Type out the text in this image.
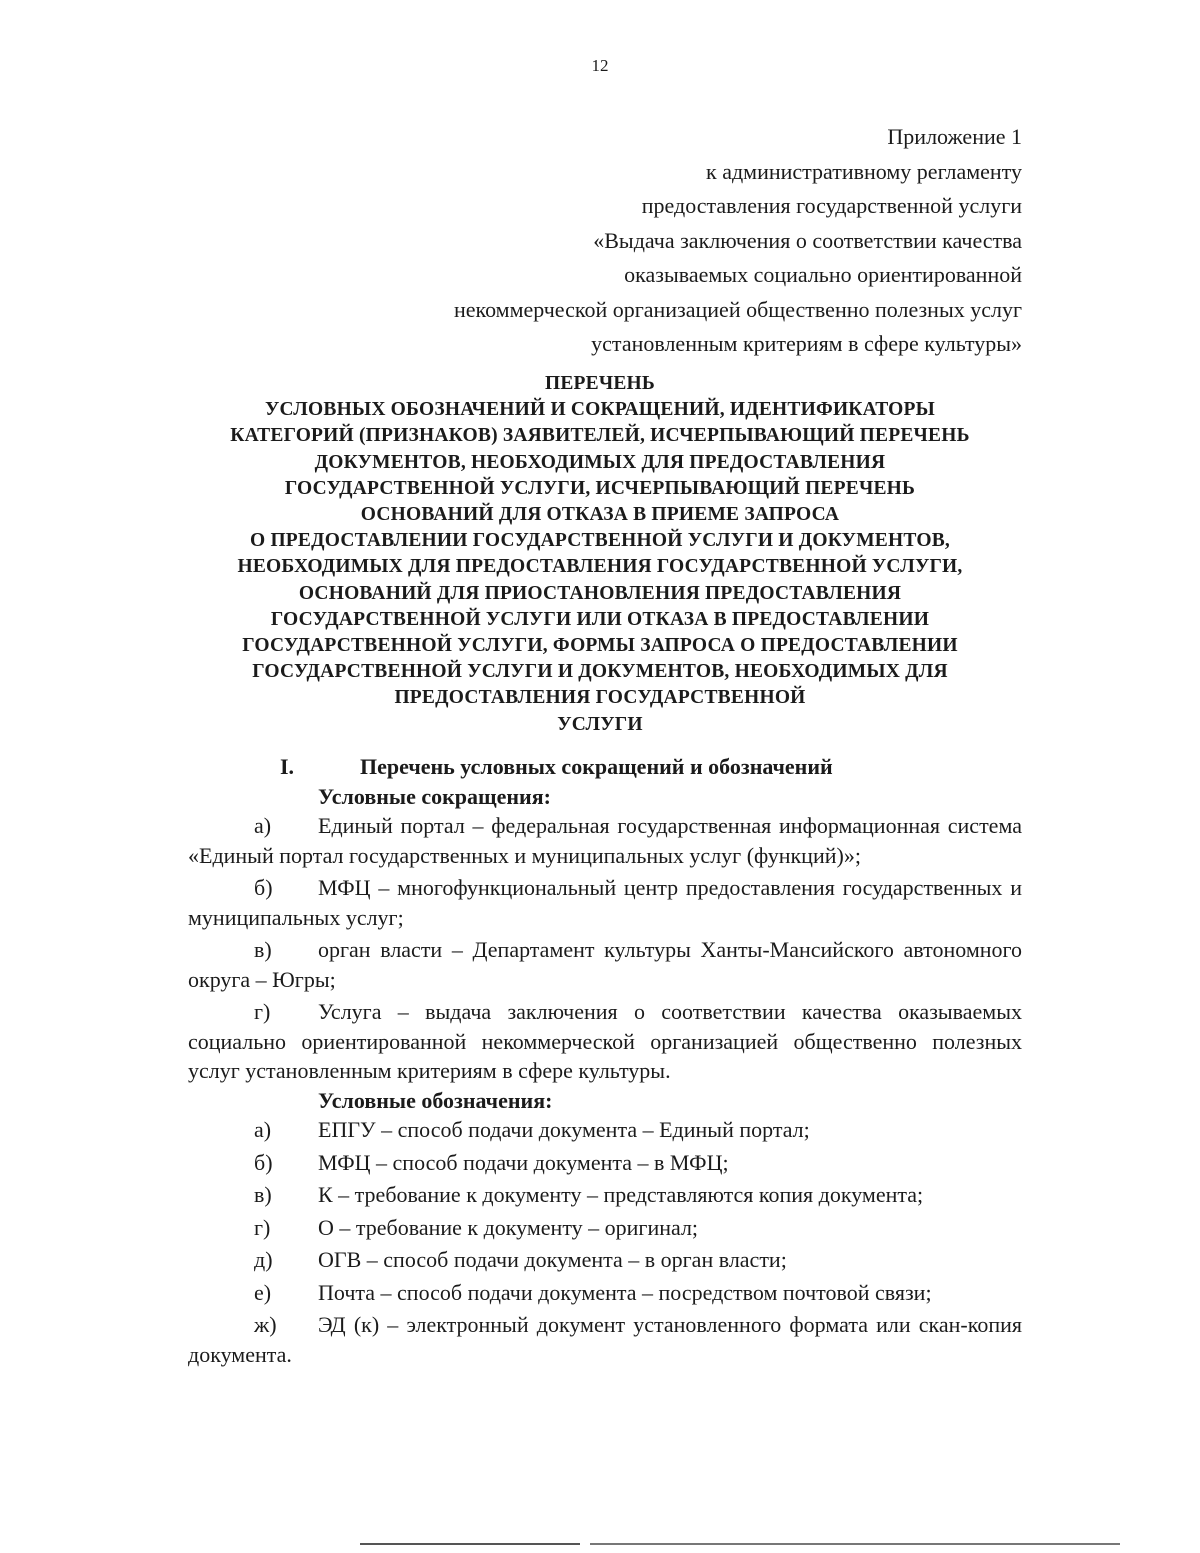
12
Приложение 1
к административному регламенту
предоставления государственной услуги
«Выдача заключения о соответствии качества
оказываемых социально ориентированной
некоммерческой организацией общественно полезных услуг
установленным критериям в сфере культуры»
ПЕРЕЧЕНЬ
УСЛОВНЫХ ОБОЗНАЧЕНИЙ И СОКРАЩЕНИЙ, ИДЕНТИФИКАТОРЫ
КАТЕГОРИЙ (ПРИЗНАКОВ) ЗАЯВИТЕЛЕЙ, ИСЧЕРПЫВАЮЩИЙ ПЕРЕЧЕНЬ
ДОКУМЕНТОВ, НЕОБХОДИМЫХ ДЛЯ ПРЕДОСТАВЛЕНИЯ
ГОСУДАРСТВЕННОЙ УСЛУГИ, ИСЧЕРПЫВАЮЩИЙ ПЕРЕЧЕНЬ
ОСНОВАНИЙ ДЛЯ ОТКАЗА В ПРИЕМЕ ЗАПРОСА
О ПРЕДОСТАВЛЕНИИ ГОСУДАРСТВЕННОЙ УСЛУГИ И ДОКУМЕНТОВ,
НЕОБХОДИМЫХ ДЛЯ ПРЕДОСТАВЛЕНИЯ ГОСУДАРСТВЕННОЙ УСЛУГИ,
ОСНОВАНИЙ ДЛЯ ПРИОСТАНОВЛЕНИЯ ПРЕДОСТАВЛЕНИЯ
ГОСУДАРСТВЕННОЙ УСЛУГИ ИЛИ ОТКАЗА В ПРЕДОСТАВЛЕНИИ
ГОСУДАРСТВЕННОЙ УСЛУГИ, ФОРМЫ ЗАПРОСА О ПРЕДОСТАВЛЕНИИ
ГОСУДАРСТВЕННОЙ УСЛУГИ И ДОКУМЕНТОВ, НЕОБХОДИМЫХ ДЛЯ
ПРЕДОСТАВЛЕНИЯ ГОСУДАРСТВЕННОЙ
УСЛУГИ
I.	Перечень условных сокращений и обозначений
Условные сокращения:
а) Единый портал – федеральная государственная информационная система «Единый портал государственных и муниципальных услуг (функций)»;
б) МФЦ – многофункциональный центр предоставления государственных и муниципальных услуг;
в) орган власти – Департамент культуры Ханты-Мансийского автономного округа – Югры;
г) Услуга – выдача заключения о соответствии качества оказываемых социально ориентированной некоммерческой организацией общественно полезных услуг установленным критериям в сфере культуры.
Условные обозначения:
а) ЕПГУ – способ подачи документа – Единый портал;
б) МФЦ – способ подачи документа – в МФЦ;
в) К – требование к документу – представляются копия документа;
г) О – требование к документу – оригинал;
д) ОГВ – способ подачи документа – в орган власти;
е) Почта – способ подачи документа – посредством почтовой связи;
ж) ЭД (к) – электронный документ установленного формата или скан-копия документа.
